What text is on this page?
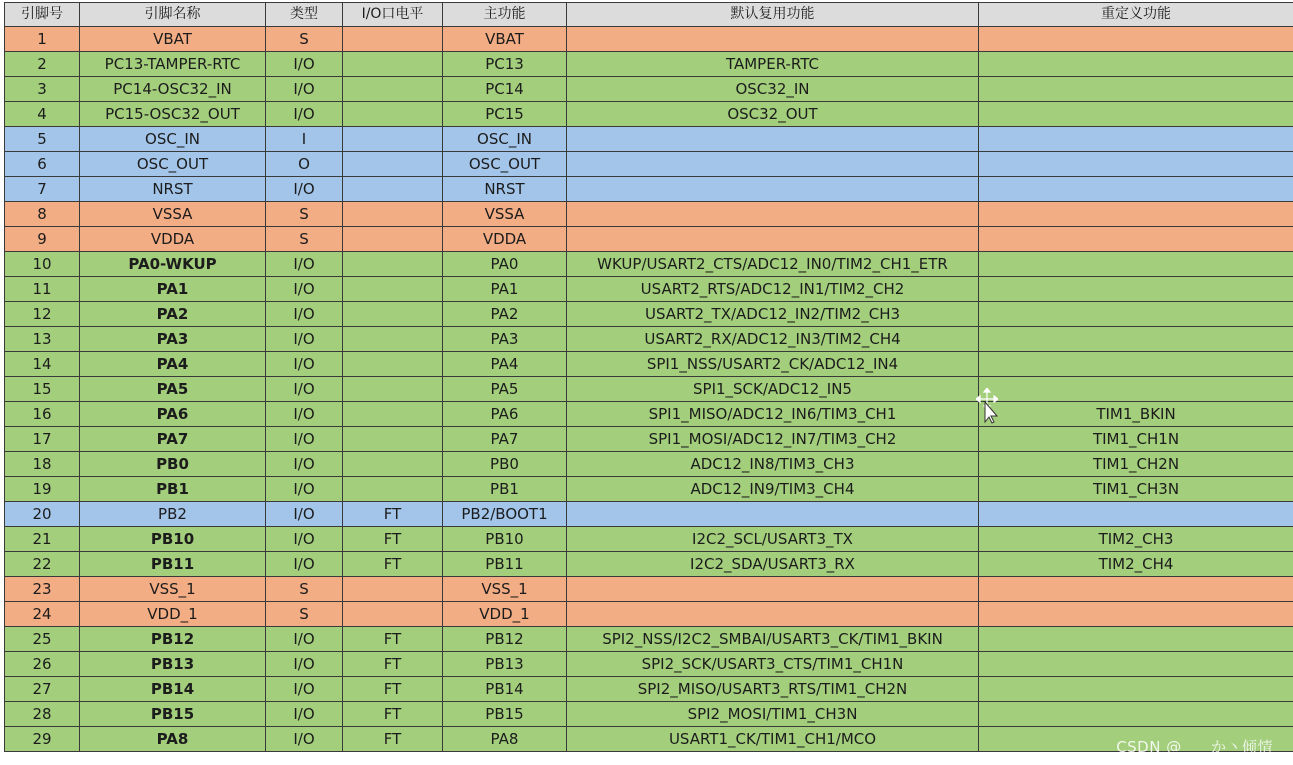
引脚号	引脚名称	类型	I/O口电平	主功能	默认复用功能	重定义功能
1	VBAT	S		VBAT		
2	PC13-TAMPER-RTC	I/O		PC13	TAMPER-RTC	
3	PC14-OSC32_IN	I/O		PC14	OSC32_IN	
4	PC15-OSC32_OUT	I/O		PC15	OSC32_OUT	
5	OSC_IN	I		OSC_IN		
6	OSC_OUT	O		OSC_OUT		
7	NRST	I/O		NRST		
8	VSSA	S		VSSA		
9	VDDA	S		VDDA		
10	PA0-WKUP	I/O		PA0	WKUP/USART2_CTS/ADC12_IN0/TIM2_CH1_ETR	
11	PA1	I/O		PA1	USART2_RTS/ADC12_IN1/TIM2_CH2	
12	PA2	I/O		PA2	USART2_TX/ADC12_IN2/TIM2_CH3	
13	PA3	I/O		PA3	USART2_RX/ADC12_IN3/TIM2_CH4	
14	PA4	I/O		PA4	SPI1_NSS/USART2_CK/ADC12_IN4	
15	PA5	I/O		PA5	SPI1_SCK/ADC12_IN5	
16	PA6	I/O		PA6	SPI1_MISO/ADC12_IN6/TIM3_CH1	TIM1_BKIN
17	PA7	I/O		PA7	SPI1_MOSI/ADC12_IN7/TIM3_CH2	TIM1_CH1N
18	PB0	I/O		PB0	ADC12_IN8/TIM3_CH3	TIM1_CH2N
19	PB1	I/O		PB1	ADC12_IN9/TIM3_CH4	TIM1_CH3N
20	PB2	I/O	FT	PB2/BOOT1		
21	PB10	I/O	FT	PB10	I2C2_SCL/USART3_TX	TIM2_CH3
22	PB11	I/O	FT	PB11	I2C2_SDA/USART3_RX	TIM2_CH4
23	VSS_1	S		VSS_1		
24	VDD_1	S		VDD_1		
25	PB12	I/O	FT	PB12	SPI2_NSS/I2C2_SMBAI/USART3_CK/TIM1_BKIN	
26	PB13	I/O	FT	PB13	SPI2_SCK/USART3_CTS/TIM1_CH1N	
27	PB14	I/O	FT	PB14	SPI2_MISO/USART3_RTS/TIM1_CH2N	
28	PB15	I/O	FT	PB15	SPI2_MOSI/TIM1_CH3N	
29	PA8	I/O	FT	PA8	USART1_CK/TIM1_CH1/MCO		CSDN @___ か丶倾情
